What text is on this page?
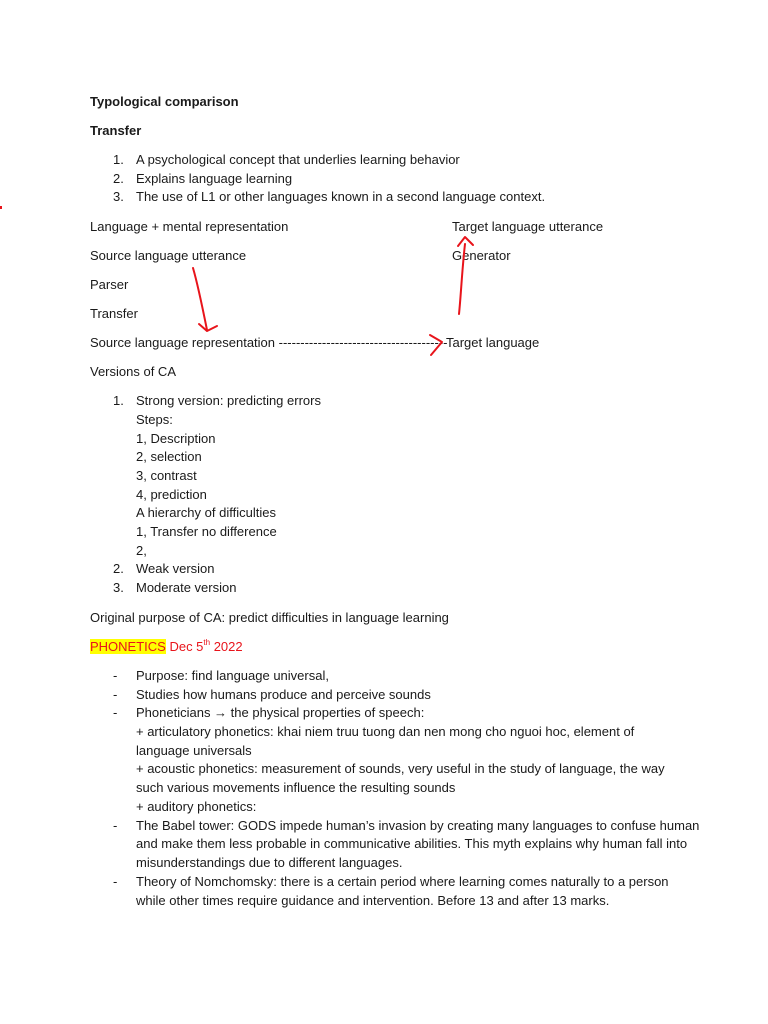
Typological comparison
Transfer
1. A psychological concept that underlies learning behavior
2. Explains language learning
3. The use of L1 or other languages known in a second language context.
Language + mental representation	Target language utterance
Source language utterance	Generator
Parser
Transfer
Source language representation ---------------------------------------
Target language
Versions of CA
1. Strong version: predicting errors
Steps:
1, Description
2, selection
3, contrast
4, prediction
A hierarchy of difficulties
1, Transfer no difference
2,
2. Weak version
3. Moderate version
Original purpose of CA: predict difficulties in language learning
PHONETICS Dec 5th 2022
- Purpose: find language universal,
- Studies how humans produce and perceive sounds
- Phoneticians → the physical properties of speech:
+ articulatory phonetics: khai niem truu tuong dan nen mong cho nguoi hoc, element of
language universals
+ acoustic phonetics: measurement of sounds, very useful in the study of language, the way
such various movements influence the resulting sounds
+ auditory phonetics:
- The Babel tower: GODS impede human’s invasion by creating many languages to confuse human
and make them less probable in communicative abilities. This myth explains why human fall into
misunderstandings due to different languages.
- Theory of Nomchomsky: there is a certain period where learning comes naturally to a person
while other times require guidance and intervention. Before 13 and after 13 marks.
